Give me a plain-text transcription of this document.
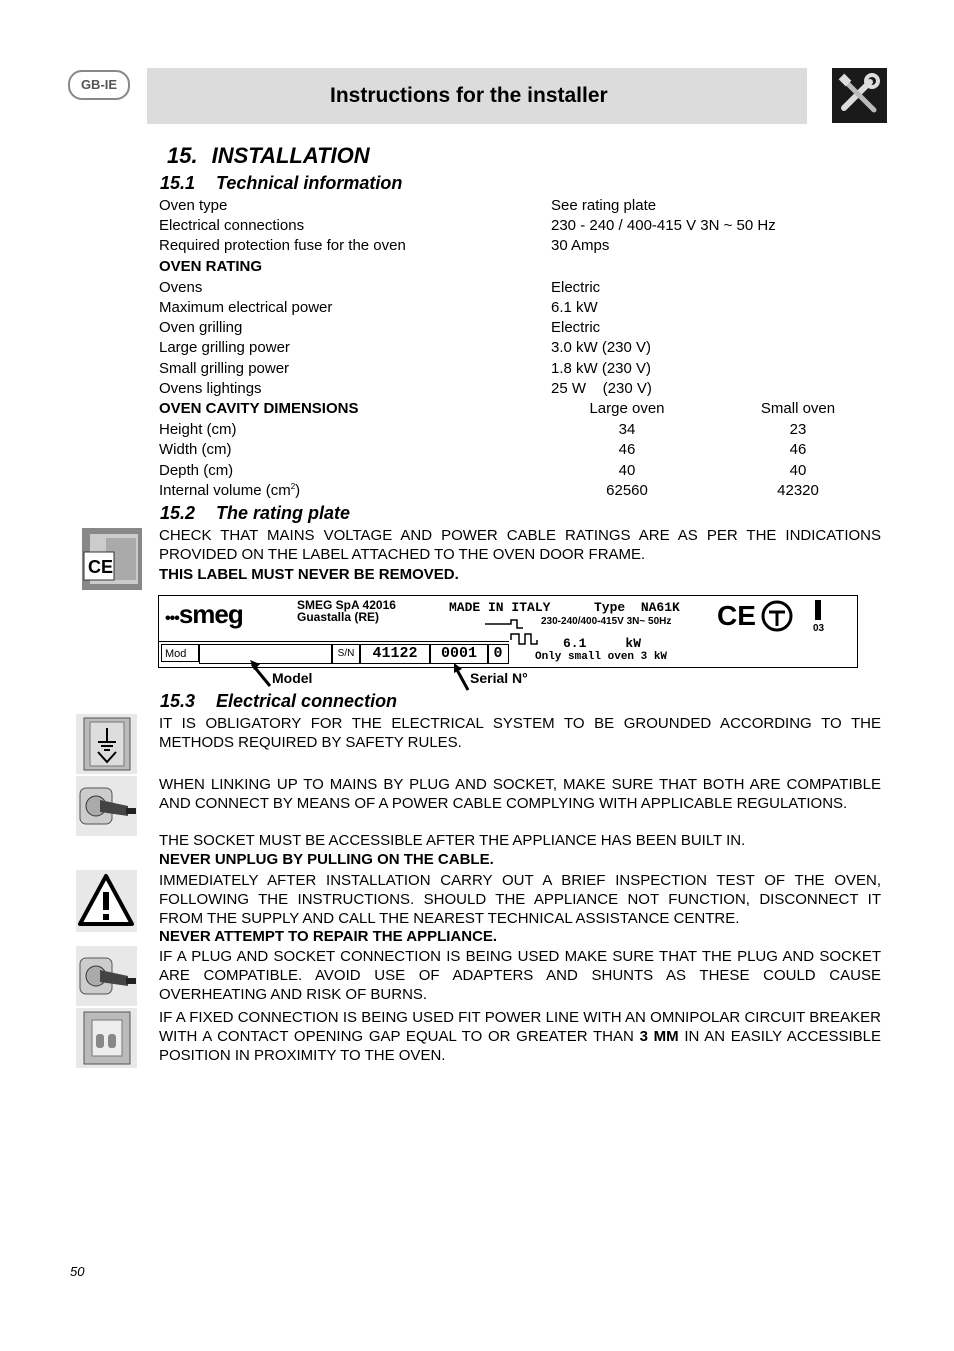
GB-IE	Instructions for the installer
15. INSTALLATION
15.1 Technical information
Oven type	See rating plate
Electrical connections	230 - 240 / 400-415 V 3N ~ 50 Hz
Required protection fuse for the oven	30 Amps
OVEN RATING
Ovens	Electric
Maximum electrical power	6.1 kW
Oven grilling	Electric
Large grilling power	3.0 kW (230 V)
Small grilling power	1.8 kW (230 V)
Ovens lightings	25 W    (230 V)
OVEN CAVITY DIMENSIONS	Large oven	Small oven
Height (cm)	34	23
Width (cm)	46	46
Depth (cm)	40	40
Internal volume $(cm^2)$	62560	42320
15.2 The rating plate
CE
CHECK THAT MAINS VOLTAGE AND POWER CABLE RATINGS ARE AS PER THE INDICATIONS PROVIDED ON THE LABEL ATTACHED TO THE OVEN DOOR FRAME.
THIS LABEL MUST NEVER BE REMOVED.
•••smeg	SMEG SpA 42016
Guastalla (RE)
MADE IN ITALY	Type NA61K
230-240/400-415V 3N~ 50Hz
6.1	kW
Only small oven 3 kW
CE	03
Mod	S/N	41122	0001	0
Model	Serial N°
15.3 Electrical connection
IT IS OBLIGATORY FOR THE ELECTRICAL SYSTEM TO BE GROUNDED ACCORDING TO THE METHODS REQUIRED BY SAFETY RULES.
WHEN LINKING UP TO MAINS BY PLUG AND SOCKET, MAKE SURE THAT BOTH ARE COMPATIBLE AND CONNECT BY MEANS OF A POWER CABLE COMPLYING WITH APPLICABLE REGULATIONS.
THE SOCKET MUST BE ACCESSIBLE AFTER THE APPLIANCE HAS BEEN BUILT IN.
NEVER UNPLUG BY PULLING ON THE CABLE.
IMMEDIATELY AFTER INSTALLATION CARRY OUT A BRIEF INSPECTION TEST OF THE OVEN, FOLLOWING THE INSTRUCTIONS. SHOULD THE APPLIANCE NOT FUNCTION, DISCONNECT IT FROM THE SUPPLY AND CALL THE NEAREST TECHNICAL ASSISTANCE CENTRE.
NEVER ATTEMPT TO REPAIR THE APPLIANCE.
IF A PLUG AND SOCKET CONNECTION IS BEING USED MAKE SURE THAT THE PLUG AND SOCKET ARE COMPATIBLE. AVOID USE OF ADAPTERS AND SHUNTS AS THESE COULD CAUSE OVERHEATING AND RISK OF BURNS.
IF A FIXED CONNECTION IS BEING USED FIT POWER LINE WITH AN OMNIPOLAR CIRCUIT BREAKER WITH A CONTACT OPENING GAP EQUAL TO OR GREATER THAN 3 MM IN AN EASILY ACCESSIBLE POSITION IN PROXIMITY TO THE OVEN.
50
